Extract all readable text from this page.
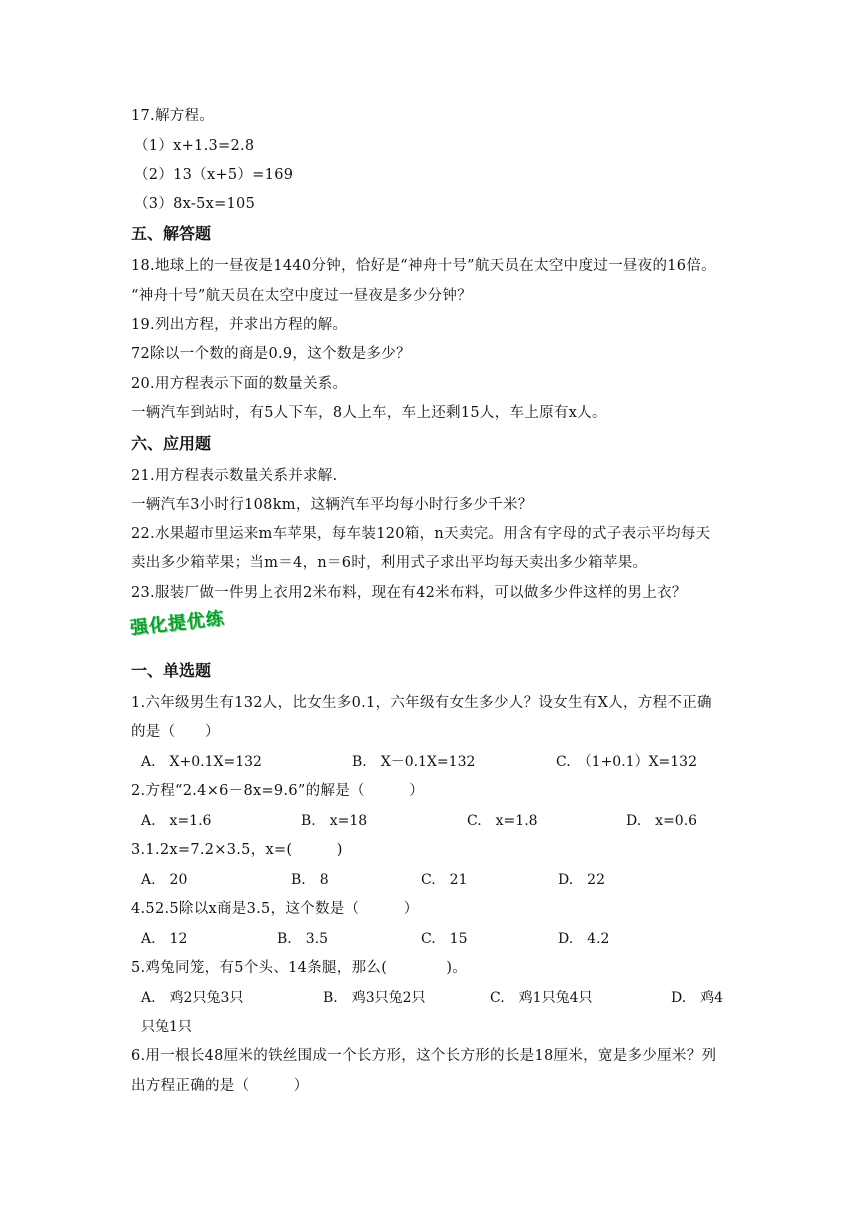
17.解方程。
（1）x+1.3=2.8
（2）13（x+5）=169
（3）8x-5x=105
五、解答题
18.地球上的一昼夜是1440分钟，恰好是“神舟十号”航天员在太空中度过一昼夜的16倍。
“神舟十号”航天员在太空中度过一昼夜是多少分钟？
19.列出方程，并求出方程的解。
72除以一个数的商是0.9，这个数是多少？
20.用方程表示下面的数量关系。
一辆汽车到站时，有5人下车，8人上车，车上还剩15人，车上原有x人。
六、应用题
21.用方程表示数量关系并求解.
一辆汽车3小时行108km，这辆汽车平均每小时行多少千米？
22.水果超市里运来m车苹果，每车装120箱，n天卖完。用含有字母的式子表示平均每天
卖出多少箱苹果；当m＝4，n＝6时，利用式子求出平均每天卖出多少箱苹果。
23.服装厂做一件男上衣用2米布料，现在有42米布料，可以做多少件这样的男上衣？
强化提优练
一、单选题
1.六年级男生有132人，比女生多0.1，六年级有女生多少人？设女生有X人，方程不正确
的是（　　）
A.　X+0.1X=132	B.　X－0.1X=132	C.　（1+0.1）X=132
2.方程“2.4×6－8x=9.6”的解是（　　　）
A.　x=1.6	B.　x=18	C.　x=1.8	D.　x=0.6
3.1.2x=7.2×3.5，x=(　　　)
A.　20	B.　8	C.　21	D.　22
4.52.5除以x商是3.5，这个数是（　　　）
A.　12	B.　3.5	C.　15	D.　4.2
5.鸡兔同笼，有5个头、14条腿，那么(　　　　)。
A.　鸡2只兔3只	B.　鸡3只兔2只	C.　鸡1只兔4只	D.　鸡4
只兔1只
6.用一根长48厘米的铁丝围成一个长方形，这个长方形的长是18厘米，宽是多少厘米？列
出方程正确的是（　　　）
